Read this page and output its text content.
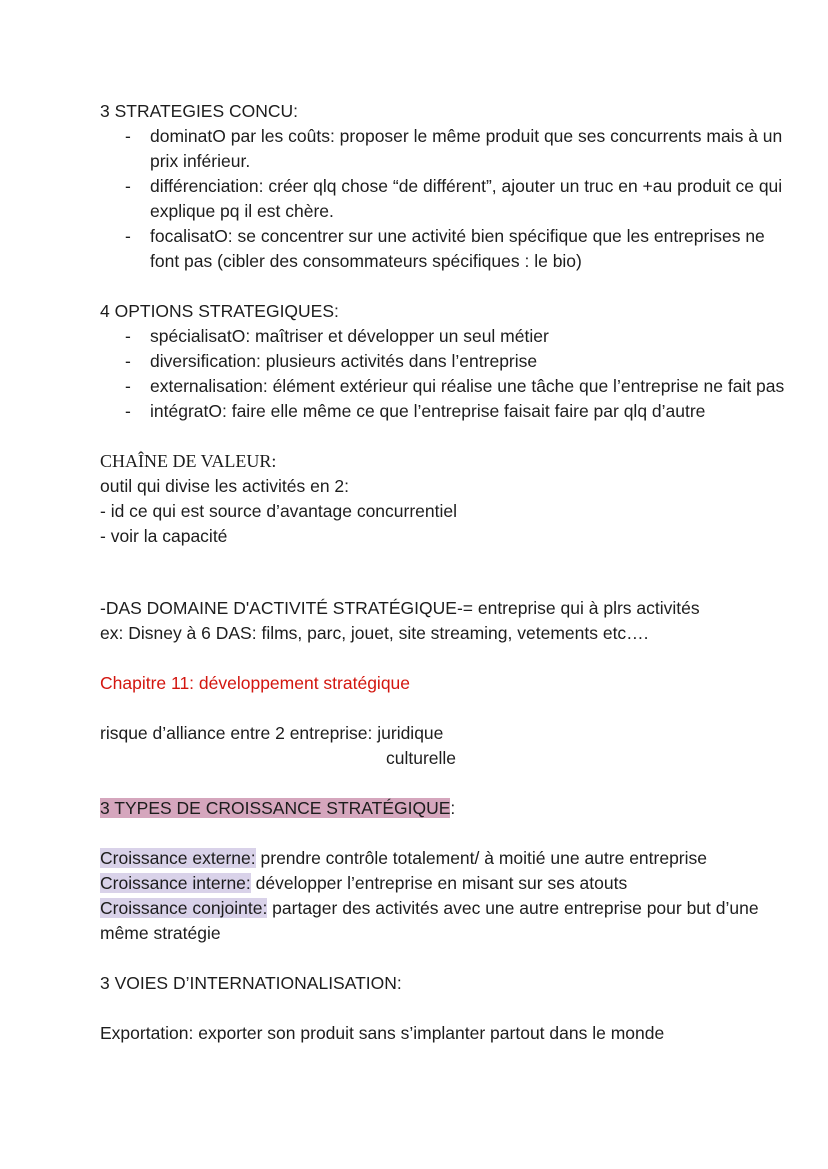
3 STRATEGIES CONCU:

- dominatO par les coûts: proposer le même produit que ses concurrents mais à un prix inférieur.
- différenciation: créer qlq chose “de différent”, ajouter un truc en +au produit ce qui explique pq il est chère.
- focalisatO: se concentrer sur une activité bien spécifique que les entreprises ne font pas (cibler des consommateurs spécifiques : le bio)

4 OPTIONS STRATEGIQUES:

- spécialisatO: maîtriser et développer un seul métier
- diversification: plusieurs activités dans l’entreprise
- externalisation: élément extérieur qui réalise une tâche que l’entreprise ne fait pas
- intégratO: faire elle même ce que l’entreprise faisait faire par qlq d’autre

CHAÎNE DE VALEUR:

outil qui divise les activités en 2:

- id ce qui est source d’avantage concurrentiel

- voir la capacité

-DAS DOMAINE D'ACTIVITÉ STRATÉGIQUE-= entreprise qui à plrs activités

ex: Disney à 6 DAS: films, parc, jouet, site streaming, vetements etc….

Chapitre 11: développement stratégique

risque d’alliance entre 2 entreprise: juridique

culturelle

3 TYPES DE CROISSANCE STRATÉGIQUE:

Croissance externe: prendre contrôle totalement/ à moitié une autre entreprise

Croissance interne: développer l’entreprise en misant sur ses atouts

Croissance conjointe: partager des activités avec une autre entreprise pour but d’une même stratégie

3 VOIES D’INTERNATIONALISATION:

Exportation: exporter son produit sans s’implanter partout dans le monde
